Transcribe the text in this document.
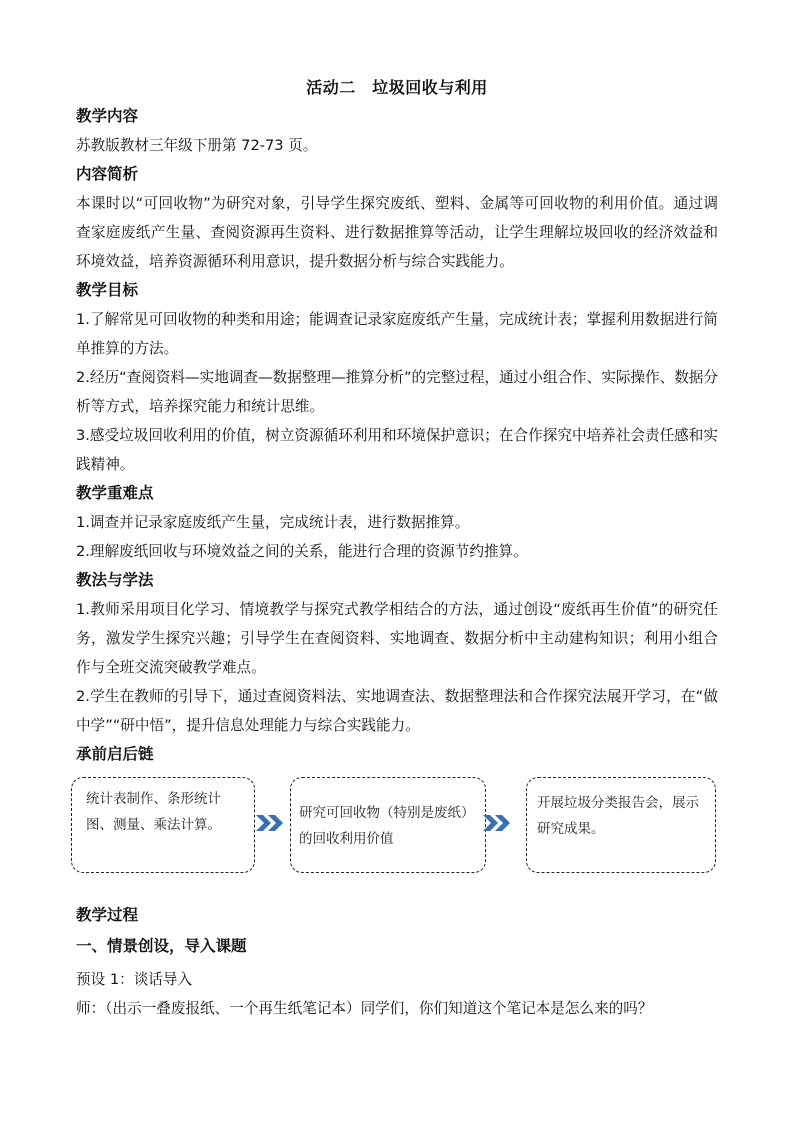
活动二　垃圾回收与利用
教学内容
苏教版教材三年级下册第 72-73 页。
内容简析
本课时以“可回收物”为研究对象，引导学生探究废纸、塑料、金属等可回收物的利用价值。通过调查家庭废纸产生量、查阅资源再生资料、进行数据推算等活动，让学生理解垃圾回收的经济效益和环境效益，培养资源循环利用意识，提升数据分析与综合实践能力。
教学目标
1.了解常见可回收物的种类和用途；能调查记录家庭废纸产生量，完成统计表；掌握利用数据进行简单推算的方法。
2.经历“查阅资料—实地调查—数据整理—推算分析”的完整过程，通过小组合作、实际操作、数据分析等方式，培养探究能力和统计思维。
3.感受垃圾回收利用的价值，树立资源循环利用和环境保护意识；在合作探究中培养社会责任感和实践精神。
教学重难点
1.调查并记录家庭废纸产生量，完成统计表，进行数据推算。
2.理解废纸回收与环境效益之间的关系，能进行合理的资源节约推算。
教法与学法
1.教师采用项目化学习、情境教学与探究式教学相结合的方法，通过创设“废纸再生价值”的研究任务，激发学生探究兴趣；引导学生在查阅资料、实地调查、数据分析中主动建构知识；利用小组合作与全班交流突破教学难点。
2.学生在教师的引导下，通过查阅资料法、实地调查法、数据整理法和合作探究法展开学习，在“做中学”“研中悟”，提升信息处理能力与综合实践能力。
承前启后链
统计表制作、条形统计图、测量、乘法计算。
研究可回收物（特别是废纸）的回收利用价值
开展垃圾分类报告会，展示研究成果。
教学过程
一、情景创设，导入课题
预设 1：谈话导入
师：（出示一叠废报纸、一个再生纸笔记本）同学们，你们知道这个笔记本是怎么来的吗？
